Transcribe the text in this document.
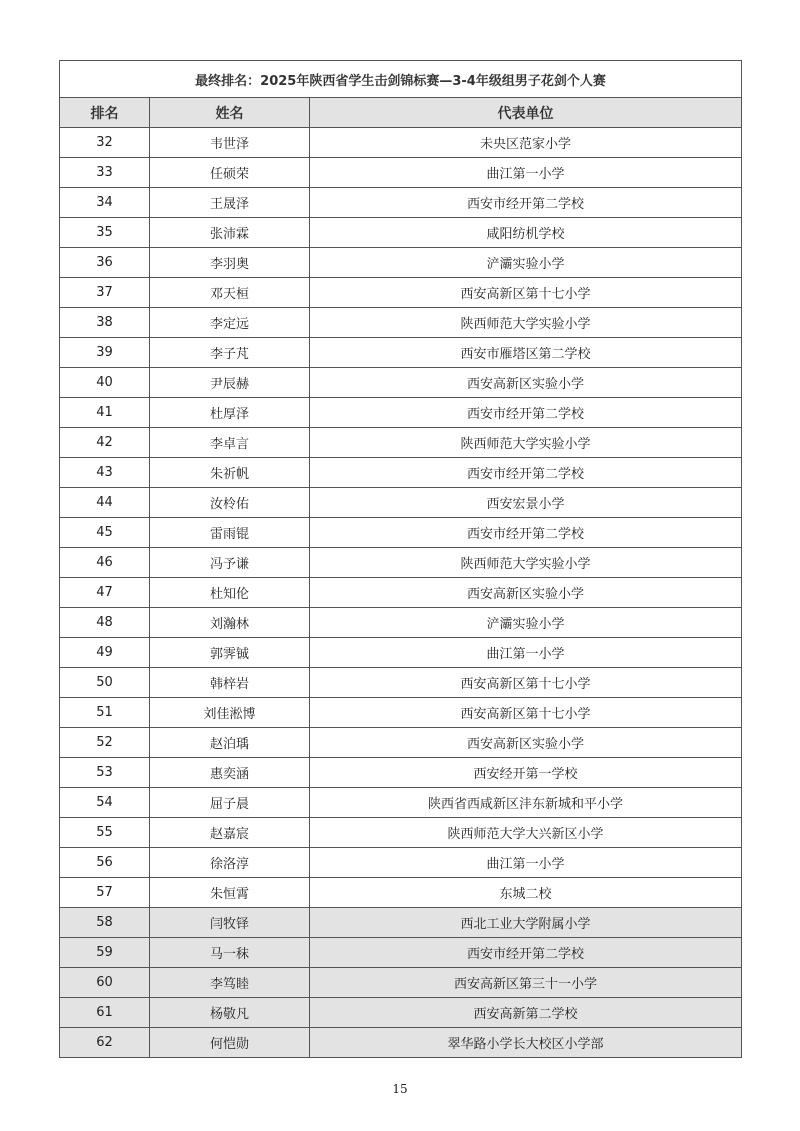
最终排名：2025年陕西省学生击剑锦标赛—3-4年级组男子花剑个人赛		
排名	姓名	代表单位
32	韦世泽	未央区范家小学
33	任硕荣	曲江第一小学
34	王晟泽	西安市经开第二学校
35	张沛霖	咸阳纺机学校
36	李羽奥	浐灞实验小学
37	邓天桓	西安高新区第十七小学
38	李定远	陕西师范大学实验小学
39	李子芃	西安市雁塔区第二学校
40	尹辰赫	西安高新区实验小学
41	杜厚泽	西安市经开第二学校
42	李卓言	陕西师范大学实验小学
43	朱祈帆	西安市经开第二学校
44	汝柃佑	西安宏景小学
45	雷雨锟	西安市经开第二学校
46	冯予谦	陕西师范大学实验小学
47	杜知伦	西安高新区实验小学
48	刘瀚林	浐灞实验小学
49	郭霁铖	曲江第一小学
50	韩梓岩	西安高新区第十七小学
51	刘佳淞博	西安高新区第十七小学
52	赵泊瑀	西安高新区实验小学
53	惠奕涵	西安经开第一学校
54	屈子晨	陕西省西咸新区沣东新城和平小学
55	赵嘉宸	陕西师范大学大兴新区小学
56	徐洛淳	曲江第一小学
57	朱恒霄	东城二校
58	闫牧铎	西北工业大学附属小学
59	马一秣	西安市经开第二学校
60	李笃睦	西安高新区第三十一小学
61	杨敬凡	西安高新第二学校
62	何恺勋	翠华路小学长大校区小学部
15
